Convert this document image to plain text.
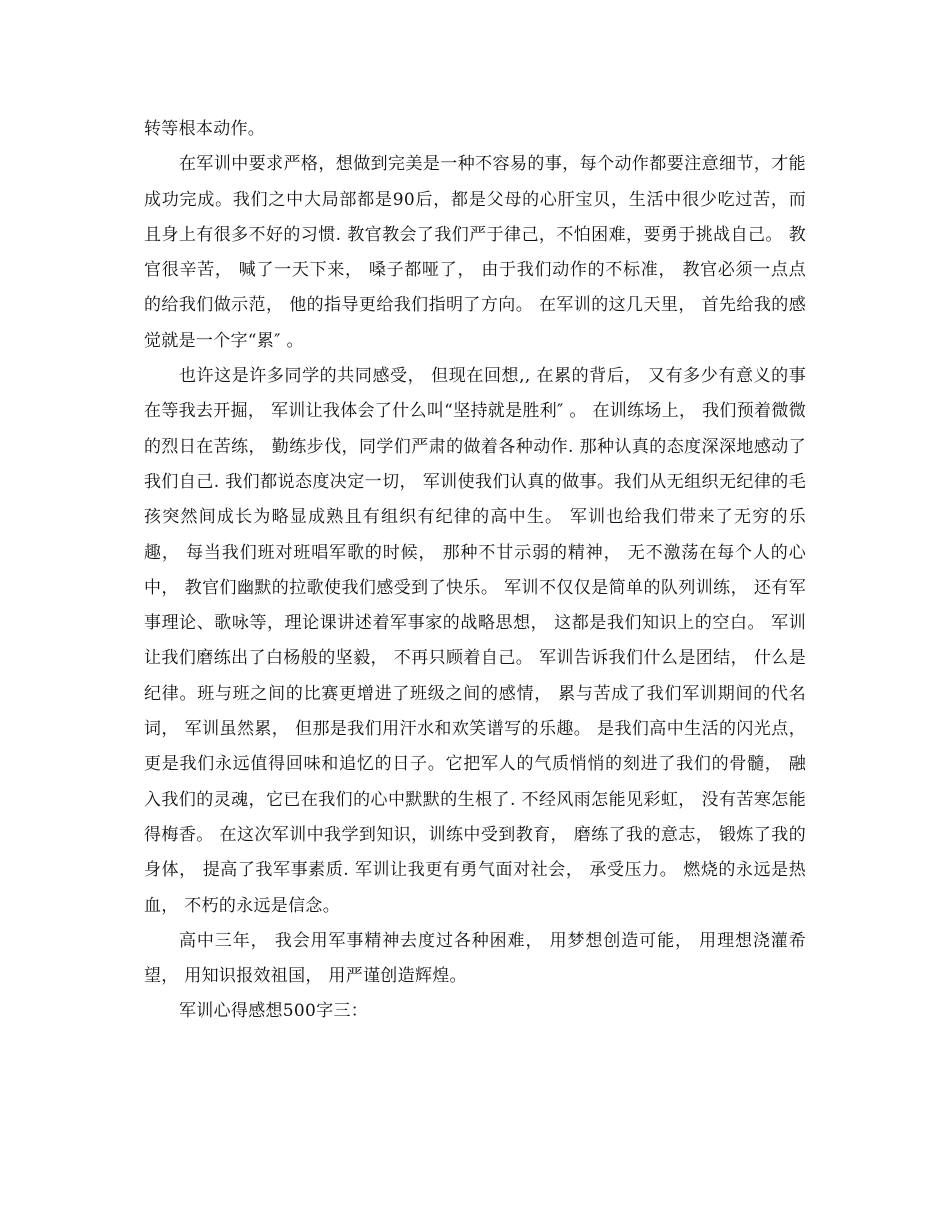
转等根本动作。

在军训中要求严格，想做到完美是一种不容易的事，每个动作都要注意细节，才能成功完成。我们之中大局部都是90后，都是父母的心肝宝贝，生活中很少吃过苦，而且身上有很多不好的习惯. 教官教会了我们严于律己，不怕困难，要勇于挑战自己。 教官很辛苦， 喊了一天下来， 嗓子都哑了， 由于我们动作的不标准， 教官必须一点点的给我们做示范， 他的指导更给我们指明了方向。 在军训的这几天里， 首先给我的感觉就是一个字“累″ 。

也许这是许多同学的共同感受， 但现在回想,, 在累的背后， 又有多少有意义的事在等我去开掘， 军训让我体会了什么叫“坚持就是胜利″ 。 在训练场上， 我们预着微微的烈日在苦练， 勤练步伐，同学们严肃的做着各种动作. 那种认真的态度深深地感动了我们自己. 我们都说态度决定一切， 军训使我们认真的做事。我们从无组织无纪律的毛孩突然间成长为略显成熟且有组织有纪律的高中生。 军训也给我们带来了无穷的乐趣， 每当我们班对班唱军歌的时候， 那种不甘示弱的精神， 无不激荡在每个人的心中， 教官们幽默的拉歌使我们感受到了快乐。 军训不仅仅是简单的队列训练， 还有军事理论、歌咏等，理论课讲述着军事家的战略思想， 这都是我们知识上的空白。 军训让我们磨练出了白杨般的坚毅， 不再只顾着自己。 军训告诉我们什么是团结， 什么是纪律。班与班之间的比赛更增进了班级之间的感情， 累与苦成了我们军训期间的代名词， 军训虽然累， 但那是我们用汗水和欢笑谱写的乐趣。 是我们高中生活的闪光点， 更是我们永远值得回味和追忆的日子。它把军人的气质悄悄的刻进了我们的骨髓， 融入我们的灵魂，它已在我们的心中默默的生根了. 不经风雨怎能见彩虹， 没有苦寒怎能得梅香。 在这次军训中我学到知识，训练中受到教育， 磨练了我的意志， 锻炼了我的身体， 提高了我军事素质. 军训让我更有勇气面对社会， 承受压力。 燃烧的永远是热血， 不朽的永远是信念。

高中三年， 我会用军事精神去度过各种困难， 用梦想创造可能， 用理想浇灌希望， 用知识报效祖国， 用严谨创造辉煌。

军训心得感想500字三：
